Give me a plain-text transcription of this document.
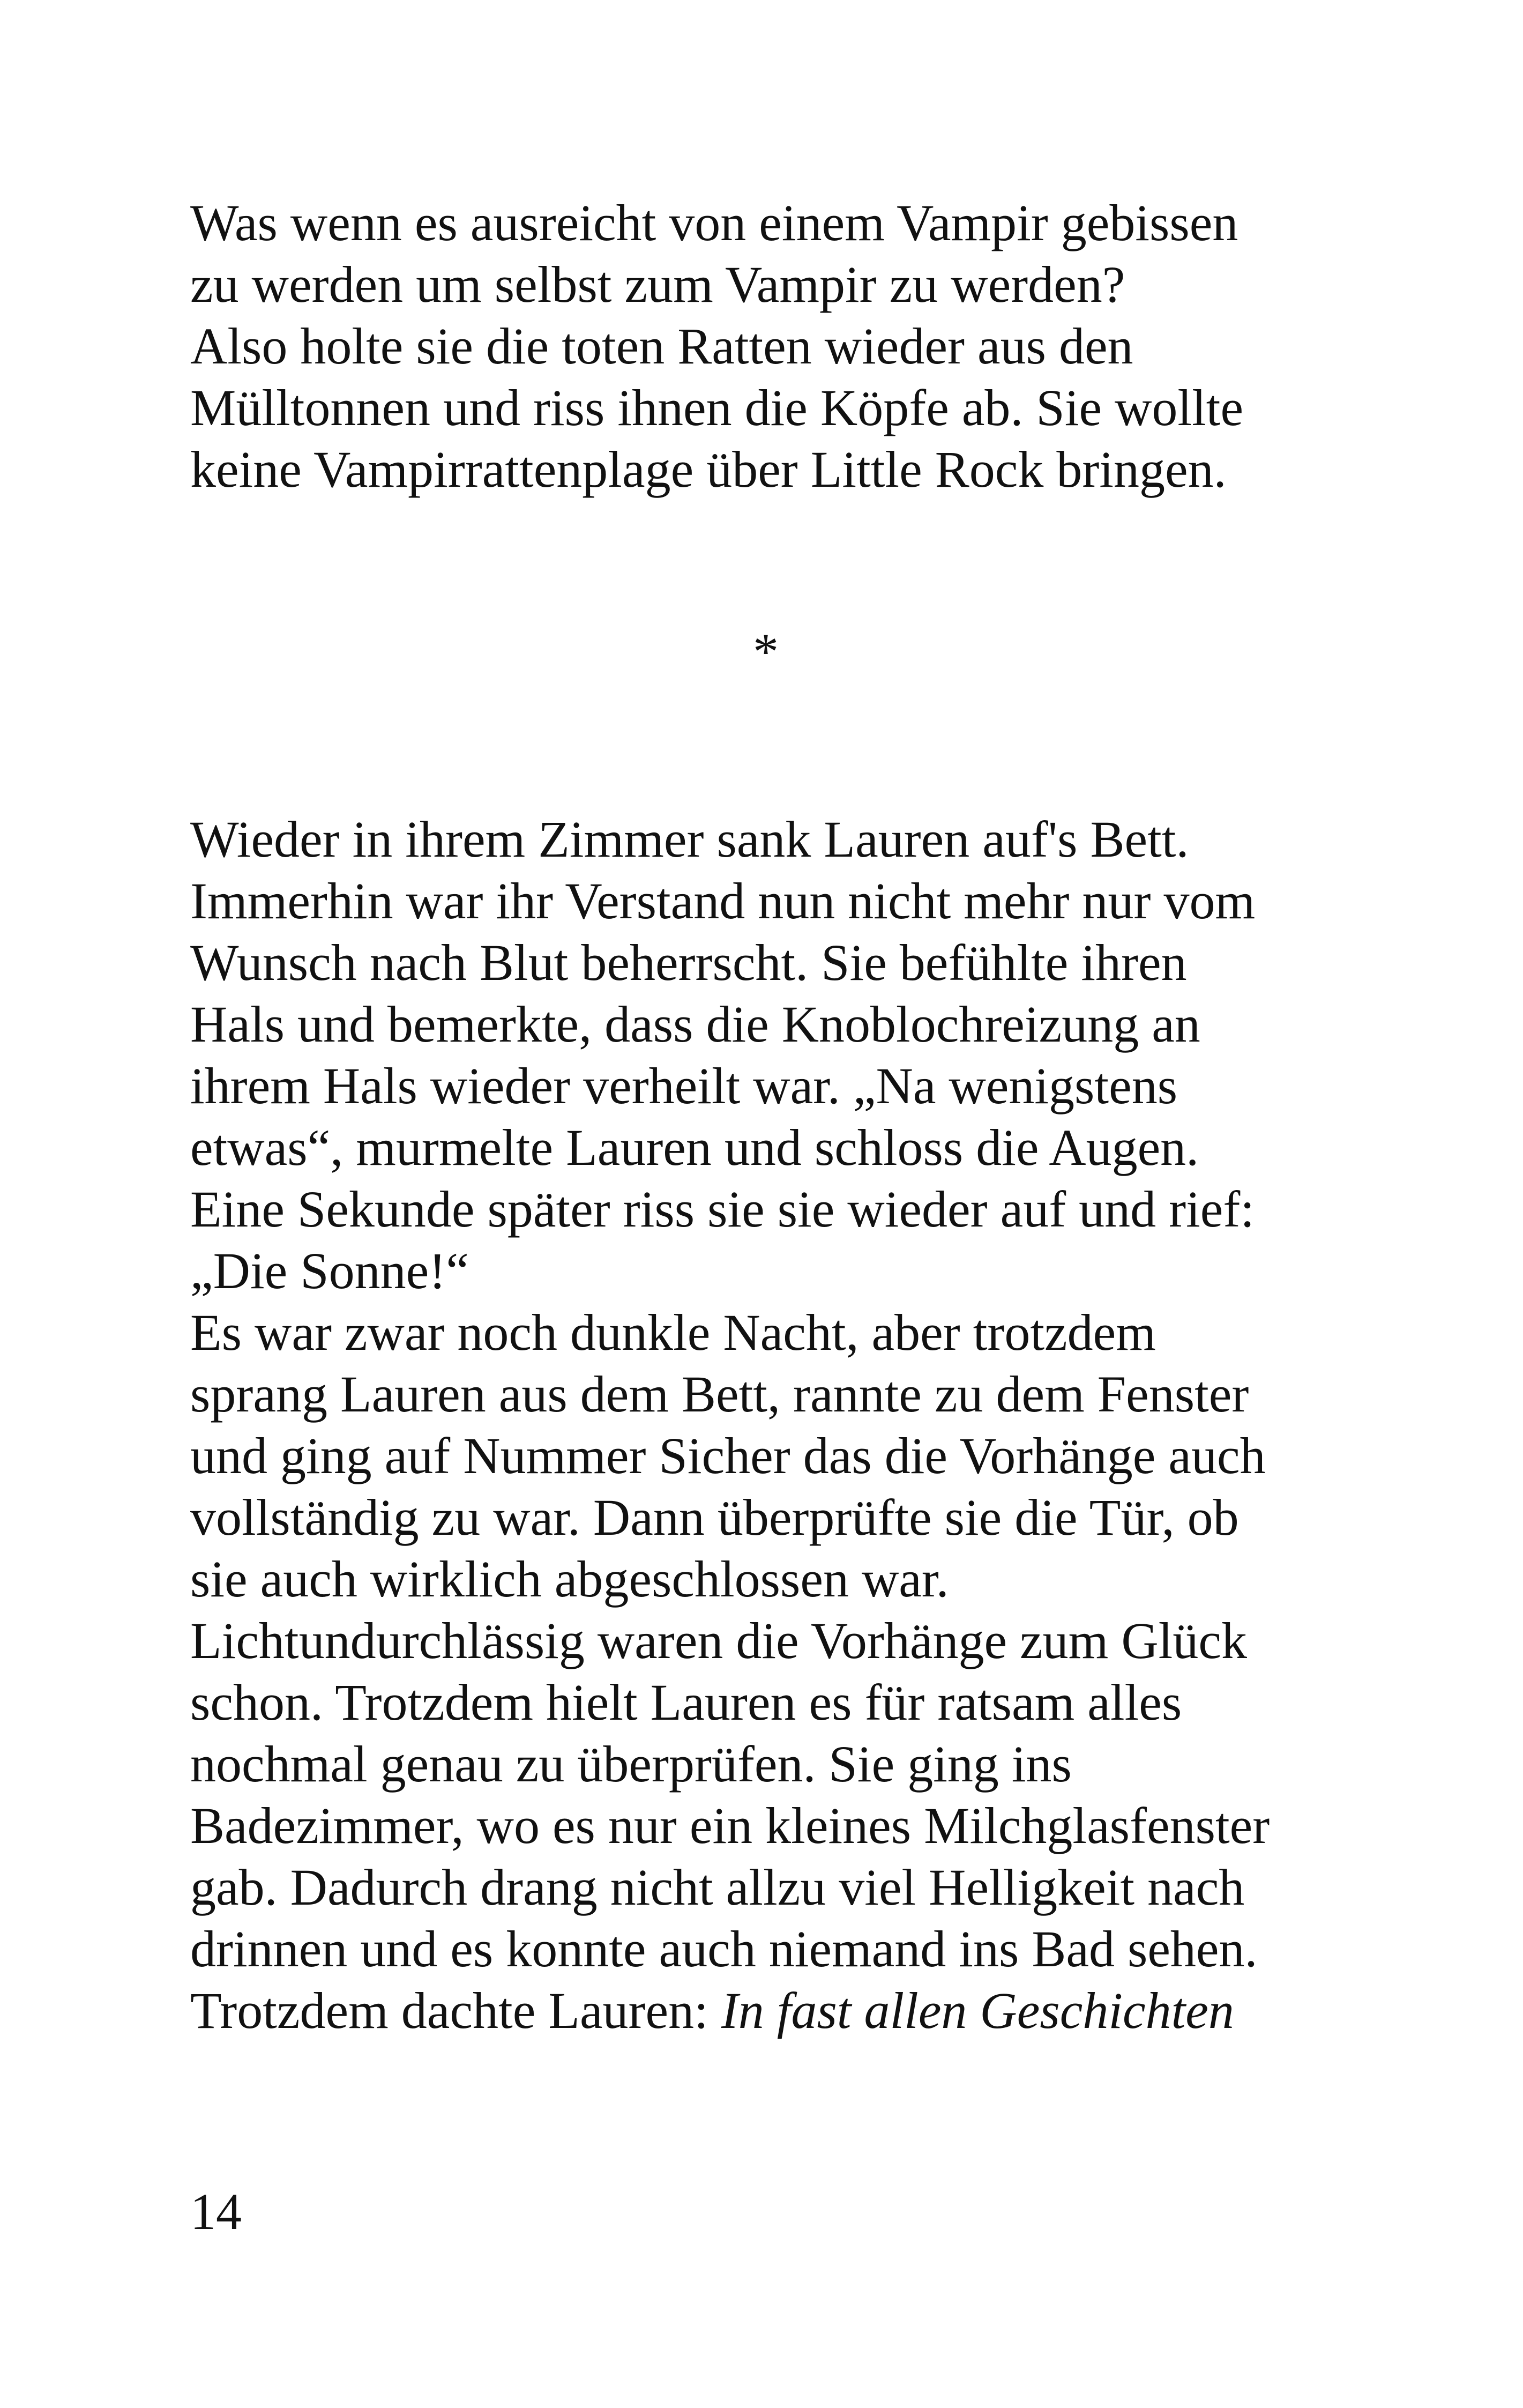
Was wenn es ausreicht von einem Vampir gebissen
zu werden um selbst zum Vampir zu werden?
Also holte sie die toten Ratten wieder aus den
Mülltonnen und riss ihnen die Köpfe ab. Sie wollte
keine Vampirrattenplage über Little Rock bringen.
*
Wieder in ihrem Zimmer sank Lauren auf's Bett.
Immerhin war ihr Verstand nun nicht mehr nur vom
Wunsch nach Blut beherrscht. Sie befühlte ihren
Hals und bemerkte, dass die Knoblochreizung an
ihrem Hals wieder verheilt war. „Na wenigstens
etwas“, murmelte Lauren und schloss die Augen.
Eine Sekunde später riss sie sie wieder auf und rief:
„Die Sonne!“
Es war zwar noch dunkle Nacht, aber trotzdem
sprang Lauren aus dem Bett, rannte zu dem Fenster
und ging auf Nummer Sicher das die Vorhänge auch
vollständig zu war. Dann überprüfte sie die Tür, ob
sie auch wirklich abgeschlossen war.
Lichtundurchlässig waren die Vorhänge zum Glück
schon. Trotzdem hielt Lauren es für ratsam alles
nochmal genau zu überprüfen. Sie ging ins
Badezimmer, wo es nur ein kleines Milchglasfenster
gab. Dadurch drang nicht allzu viel Helligkeit nach
drinnen und es konnte auch niemand ins Bad sehen.
Trotzdem dachte Lauren: In fast allen Geschichten
14
